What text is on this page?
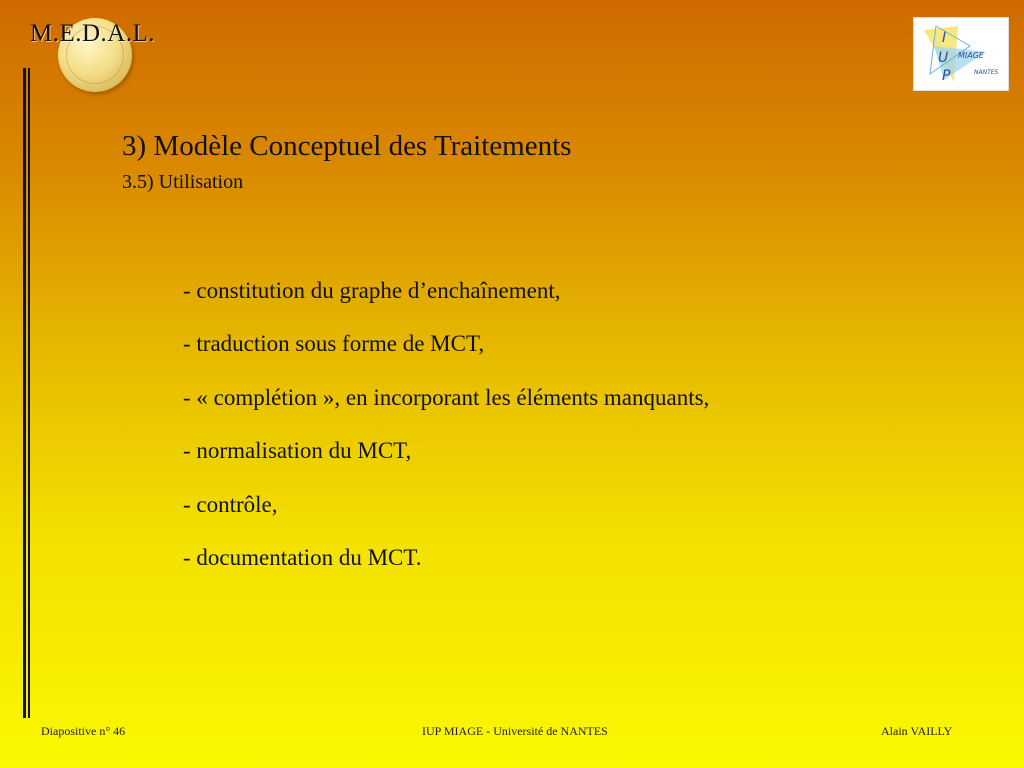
M.E.D.A.L.	I
U
P
MIAGE
NANTES
3) Modèle Conceptuel des Traitements
3.5) Utilisation
- constitution du graphe d’enchaînement,
- traduction sous forme de MCT,
- « complétion », en incorporant les éléments manquants,
- normalisation du MCT,
- contrôle,
- documentation du MCT.
Diapositive n° 46	IUP MIAGE - Université de NANTES	Alain VAILLY
